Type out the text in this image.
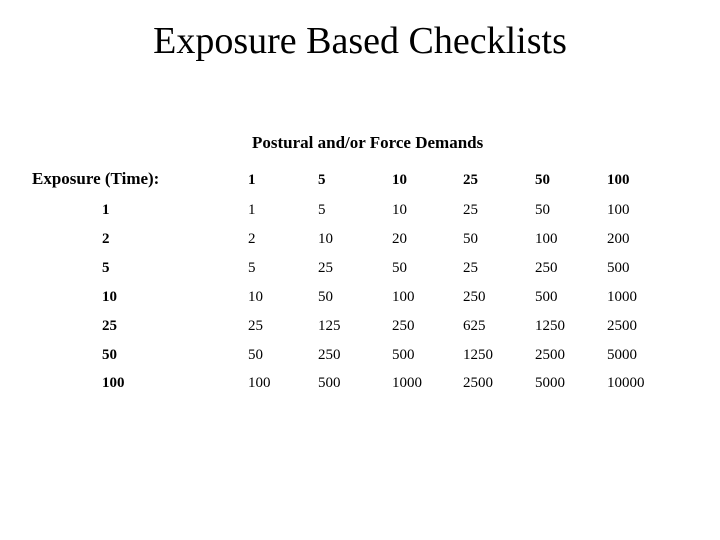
Exposure Based Checklists
Postural and/or Force Demands
Exposure (Time):	1	5	10	25	50	100
1	1	5	10	25	50	100
2	2	10	20	50	100	200
5	5	25	50	25	250	500
10	10	50	100	250	500	1000
25	25	125	250	625	1250	2500
50	50	250	500	1250	2500	5000
100	100	500	1000	2500	5000	10000
